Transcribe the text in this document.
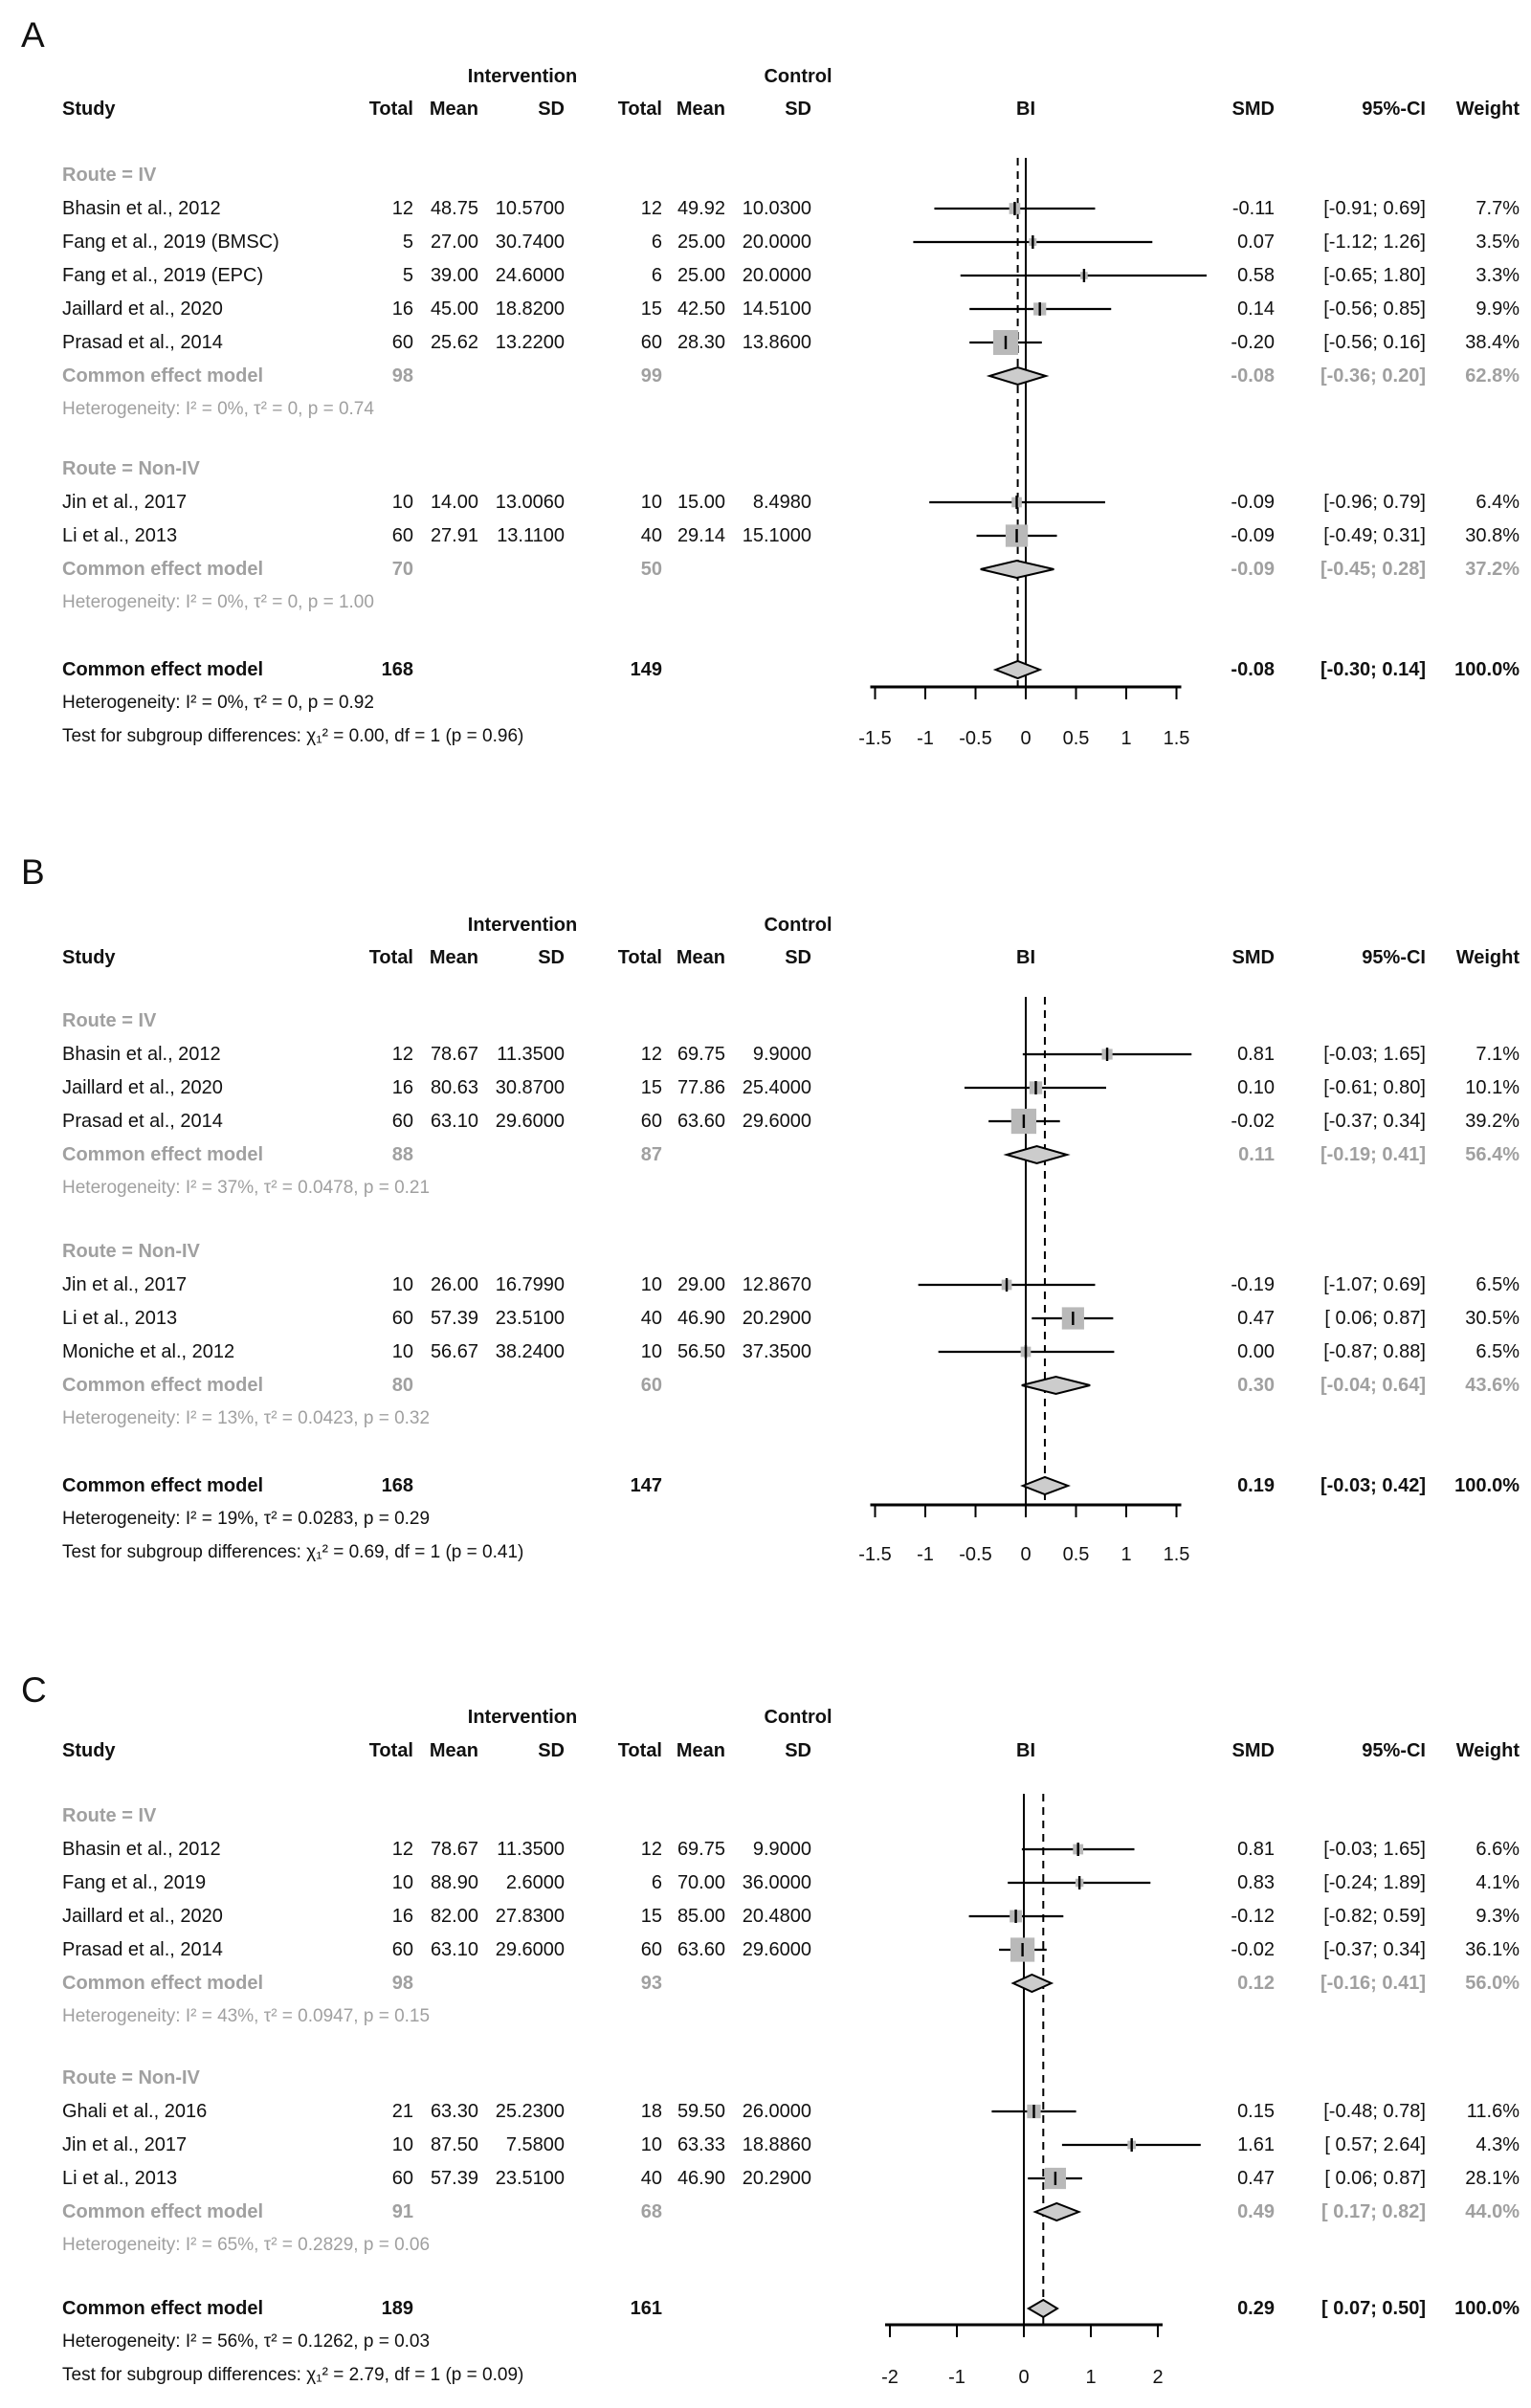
A
Intervention	Control
Study	Total Mean	SD	Total Mean	SD	BI	SMD	95%-CI	Weight
Route = IV
Bhasin et al., 2012	12 48.75 10.5700	12 49.92 10.0300	-0.11	[-0.91; 0.69]	7.7%
Fang et al., 2019 (BMSC)	5 27.00 30.7400	6 25.00 20.0000	0.07	[-1.12; 1.26]	3.5%
Fang et al., 2019 (EPC)	5 39.00 24.6000	6 25.00 20.0000	0.58	[-0.65; 1.80]	3.3%
Jaillard et al., 2020	16 45.00 18.8200	15 42.50 14.5100	0.14	[-0.56; 0.85]	9.9%
Prasad et al., 2014	60 25.62 13.2200	60 28.30 13.8600	-0.20	[-0.56; 0.16]	38.4%
Common effect model	98	99	-0.08	[-0.36; 0.20]	62.8%
Heterogeneity: I² = 0%, τ² = 0, p = 0.74
Route = Non-IV
Jin et al., 2017	10 14.00 13.0060	10 15.00	8.4980	-0.09	[-0.96; 0.79]	6.4%
Li et al., 2013	60 27.91 13.1100	40 29.14 15.1000	-0.09	[-0.49; 0.31]	30.8%
Common effect model	70	50	-0.09	[-0.45; 0.28]	37.2%
Heterogeneity: I² = 0%, τ² = 0, p = 1.00
Common effect model	168	149	-0.08	[-0.30; 0.14]	100.0%
Heterogeneity: I² = 0%, τ² = 0, p = 0.92
Test for subgroup differences: χ₁² = 0.00, df = 1 (p = 0.96)	-1.5	-1	-0.5	0	0.5	1	1.5
B
Intervention	Control
Study	Total Mean	SD	Total Mean	SD	BI	SMD	95%-CI	Weight
Route = IV
Bhasin et al., 2012	12 78.67 11.3500	12 69.75	9.9000	0.81	[-0.03; 1.65]	7.1%
Jaillard et al., 2020	16 80.63 30.8700	15 77.86 25.4000	0.10	[-0.61; 0.80]	10.1%
Prasad et al., 2014	60 63.10 29.6000	60 63.60 29.6000	-0.02	[-0.37; 0.34]	39.2%
Common effect model	88	87	0.11	[-0.19; 0.41]	56.4%
Heterogeneity: I² = 37%, τ² = 0.0478, p = 0.21
Route = Non-IV
Jin et al., 2017	10 26.00 16.7990	10 29.00 12.8670	-0.19	[-1.07; 0.69]	6.5%
Li et al., 2013	60 57.39 23.5100	40 46.90 20.2900	0.47	[ 0.06; 0.87]	30.5%
Moniche et al., 2012	10 56.67 38.2400	10 56.50 37.3500	0.00	[-0.87; 0.88]	6.5%
Common effect model	80	60	0.30	[-0.04; 0.64]	43.6%
Heterogeneity: I² = 13%, τ² = 0.0423, p = 0.32
Common effect model	168	147	0.19	[-0.03; 0.42]	100.0%
Heterogeneity: I² = 19%, τ² = 0.0283, p = 0.29
Test for subgroup differences: χ₁² = 0.69, df = 1 (p = 0.41)	-1.5	-1	-0.5	0	0.5	1	1.5
C
Intervention	Control
Study	Total Mean	SD	Total Mean	SD	BI	SMD	95%-CI	Weight
Route = IV
Bhasin et al., 2012	12 78.67 11.3500	12 69.75	9.9000	0.81	[-0.03; 1.65]	6.6%
Fang et al., 2019	10 88.90	2.6000	6 70.00 36.0000	0.83	[-0.24; 1.89]	4.1%
Jaillard et al., 2020	16 82.00 27.8300	15 85.00 20.4800	-0.12	[-0.82; 0.59]	9.3%
Prasad et al., 2014	60 63.10 29.6000	60 63.60 29.6000	-0.02	[-0.37; 0.34]	36.1%
Common effect model	98	93	0.12	[-0.16; 0.41]	56.0%
Heterogeneity: I² = 43%, τ² = 0.0947, p = 0.15
Route = Non-IV
Ghali et al., 2016	21 63.30 25.2300	18 59.50 26.0000	0.15	[-0.48; 0.78]	11.6%
Jin et al., 2017	10 87.50	7.5800	10 63.33 18.8860	1.61	[ 0.57; 2.64]	4.3%
Li et al., 2013	60 57.39 23.5100	40 46.90 20.2900	0.47	[ 0.06; 0.87]	28.1%
Common effect model	91	68	0.49	[ 0.17; 0.82]	44.0%
Heterogeneity: I² = 65%, τ² = 0.2829, p = 0.06
Common effect model	189	161	0.29	[ 0.07; 0.50]	100.0%
Heterogeneity: I² = 56%, τ² = 0.1262, p = 0.03
Test for subgroup differences: χ₁² = 2.79, df = 1 (p = 0.09)	-2	-1	0	1	2
